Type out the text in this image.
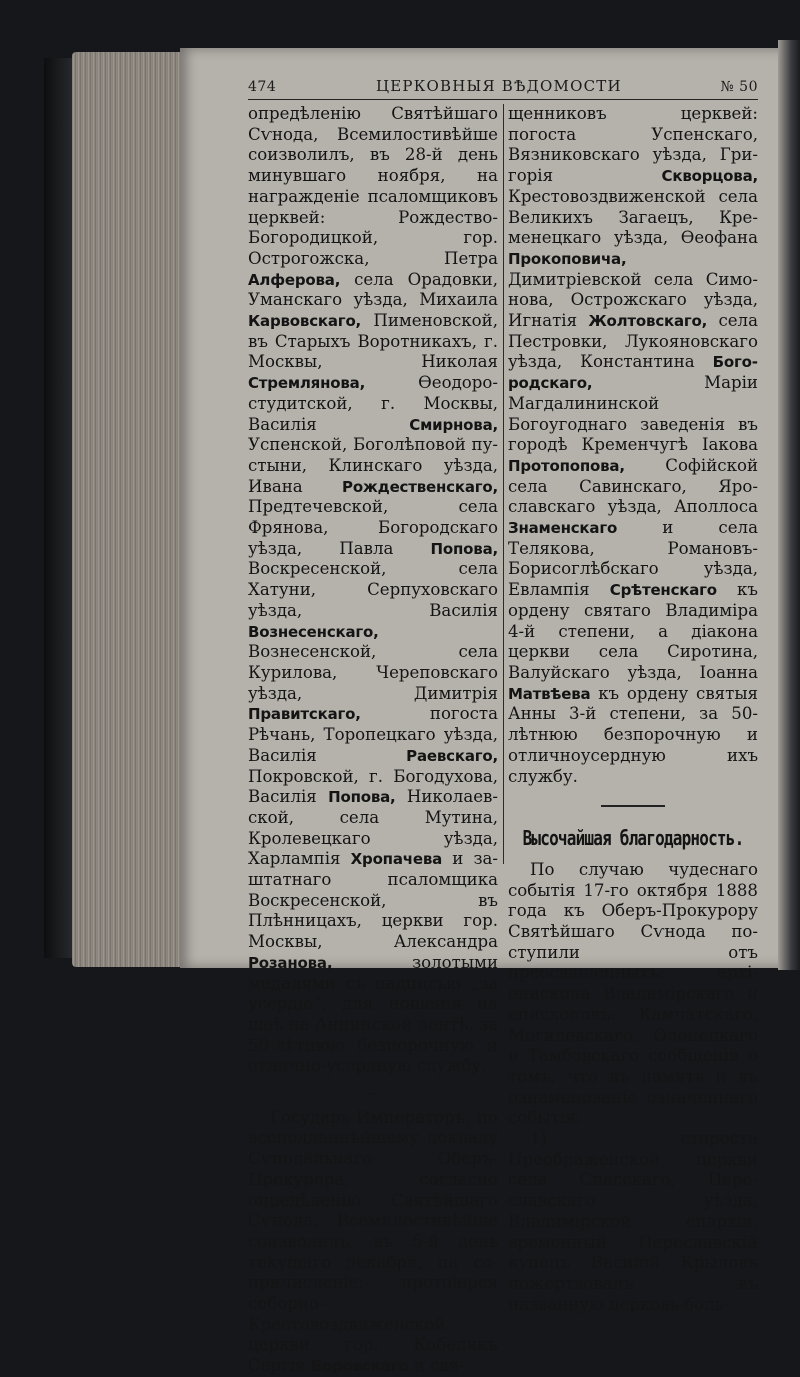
474	ЦЕРКОВНЫЯ ВѢДОМОСТИ	№ 50

опредѣленію Святѣйшаго Сѵнода, Всемилостивѣйше соизволилъ, въ 28-й день минувшаго ноября, на награжденіе псаломщиковъ церквей: Рождество-Богородицкой, гор. Острогожска, Петра Алферова, села Орадовки, Уманскаго уѣзда, Михаила Карвовскаго, Пименовской, въ Старыхъ Воротникахъ, г. Москвы, Николая Стремлянова, Ѳеодоростудитской, г. Москвы, Василія Смирнова, Успенской, Боголѣповой пустыни, Клинскаго уѣзда, Ивана Рождественскаго, Предтечевской, села Фрянова, Богородскаго уѣзда, Павла Попова, Воскресенской, села Хатуни, Серпуховскаго уѣзда, Василія Вознесенскаго, Вознесенской, села Курилова, Череповскаго уѣзда, Димитрія Правитскаго, погоста Рѣчань, Торопецкаго уѣзда, Василія Раевскаго, Покровской, г. Богодухова, Василія Попова, Николаевской, села Мутина, Кролевецкаго уѣзда, Харлампія Хропачева и заштатнаго псаломщика Воскресенской, въ Плѣнницахъ, церкви гор. Москвы, Александра Розанова, золотыми медалями съ надписью „за усердіе“, для ношенія на шеѣ на Аннинской лентѣ, за 50-лѣтнюю безпорочную и отлично-усердную службу.

—

Государь Императоръ, по всеподданнѣйшему докладу Сѵнодальнаго Оберъ-Прокурора, согласно опредѣленію Святѣйшаго Сѵнода, Всемилостивѣйше соизволилъ, въ 5-й день текущаго декабря, на сопричисленіе: протоіерея соборно-Крестовоздвиженской церкви гор. Кобелякъ Сергія Боровскаго и свя-

щенниковъ церквей: погоста Успенскаго, Вязниковскаго уѣзда, Григорія Скворцова, Крестовоздвиженской села Великихъ Загаецъ, Кременецкаго уѣзда, Ѳеофана Прокоповича, Димитріевской села Симонова, Острожскаго уѣзда, Игнатія Жолтовскаго, села Пестровки, Лукояновскаго уѣзда, Константина Богородскаго, Маріи Магдалининской Богоугоднаго заведенія въ городѣ Кременчугѣ Іакова Протопопова, Софійской села Савинскаго, Ярославскаго уѣзда, Аполлоса Знаменскаго и села Телякова, Романовъ-Борисоглѣбскаго уѣзда, Евлампія Срѣтенскаго къ ордену святаго Владиміра 4-й степени, а діакона церкви села Сиротина, Валуйскаго уѣзда, Іоанна Матвѣева къ ордену святыя Анны 3-й степени, за 50-лѣтнюю безпорочную и отличноусердную ихъ службу.

Высочайшая благодарность.

По случаю чудеснаго событія 17-го октября 1888 года къ Оберъ-Прокурору Святѣйшаго Сѵнода поступили отъ преосвященныхъ: архіепископа Владимірскаго и епископовъ: Камчатскаго, Могилевскаго, Олонецкаго и Тамбовскаго сообщенія о томъ, что въ память и въ ознаменованіе означеннаго событія:

1) староста Преображенской церкви села Спасскаго, Переславскаго уѣзда, Владимірской епархіи, временный Переславскій купецъ Василій Крыловъ пожертвовалъ въ названную церковь боль-
